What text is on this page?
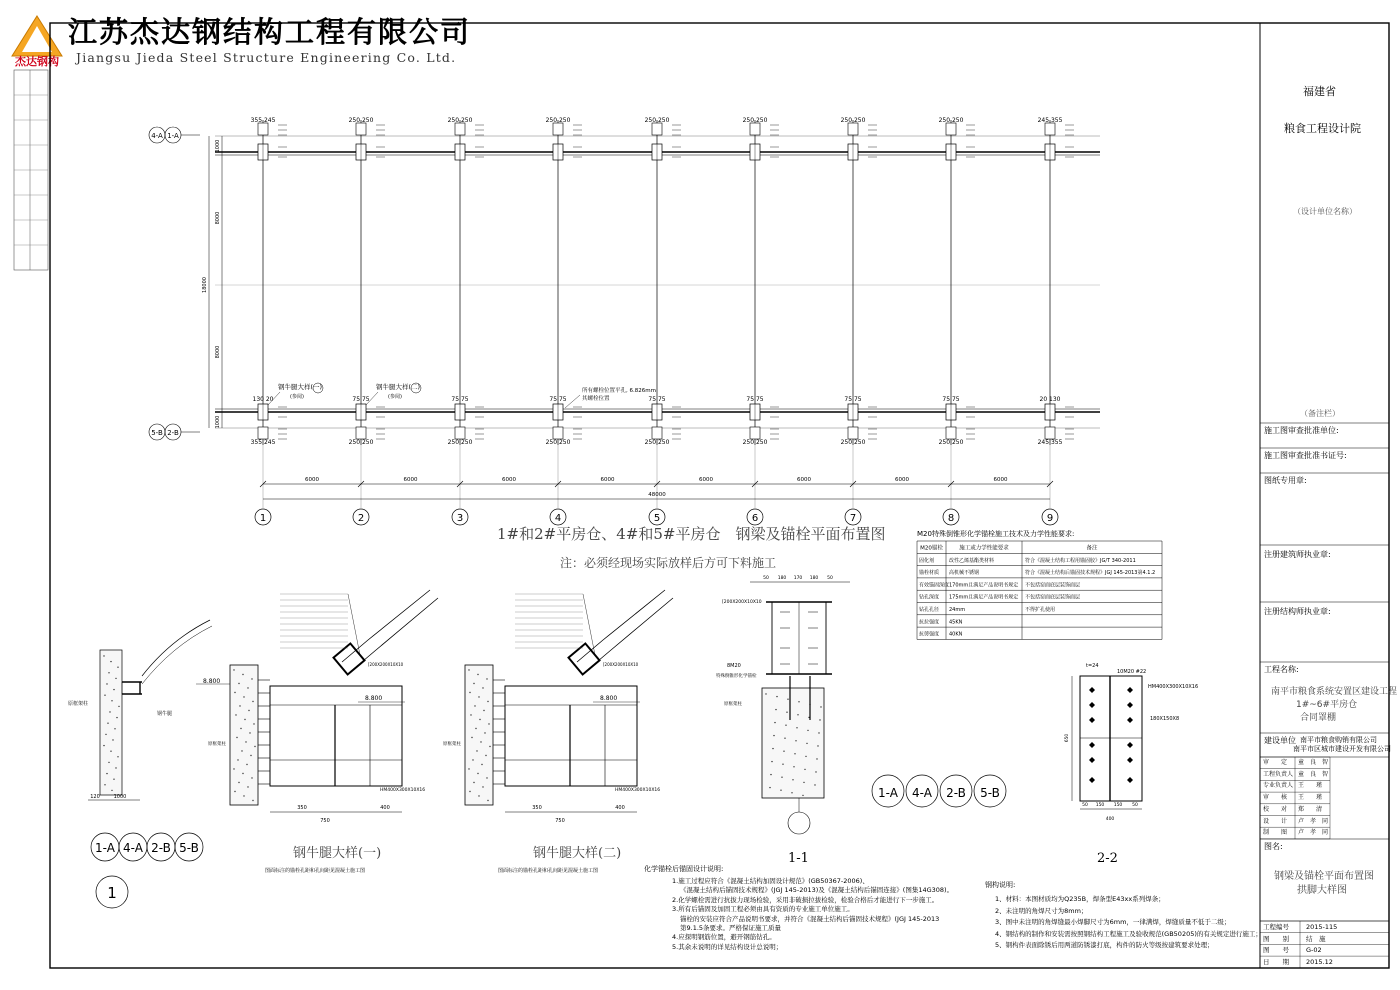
杰达钢构
江苏杰达钢结构工程有限公司
Jiangsu Jieda Steel Structure Engineering Co. Ltd.
1
355 245
130 20
355 245
2
250 250
75 75
250 250
3
250 250
75 75
250 250
4
250 250
75 75
250 250
5
250 250
75 75
250 250
6
250 250
75 75
250 250
7
250 250
75 75
250 250
8
250 250
75 75
250 250
9
245 355
20 130
245 355
6000	6000	6000	6000	6000	6000	6000	6000
48000
1000
8000
18000
8000
1000
4-A 1-A
5-B 2-B
钢牛腿大样(一)
(参阅)
钢牛腿大样(二)
(参阅)
所有螺栓位置平孔, 6.826mm
其螺栓位置
M20特殊倒锥形化学锚栓施工技术及力学性能要求:
M20锚栓	施工或力学性能要求	备注
固化剂	改性乙烯基酯类材料	符合《混凝土结构工程用锚固胶》JG/T 340-2011
锚栓材质 高机械不锈钢	符合《混凝土结构后锚固技术规程》JGJ 145-2013第4.1.2
有效锚固深度 170mm且满足产品说明书规定 不包括窑面底层装饰面层
钻孔深度 175mm且满足产品说明书规定 不包括窑面底层装饰面层
钻孔孔径 24mm	不得扩孔使用
抗拉强度 45KN
抗剪强度 40KN
8.800
原框架柱
钢牛腿
120	1000
1-A 4-A 2-B 5-B
1
8.800
HM400X300X10X16
[200X200X10X10
350
750
400
原框架柱
8.800
HM400X300X10X16
[200X200X10X10
350
750
400
原框架柱
50 180 170 180 50
[200X200X10X10
8M20
特殊倒锥形化学锚栓
原框架柱
1-A 4-A 2-B 5-B
650
50 150 150 50
400
t=24
10M20 #22
HM400X300X10X16
180X150X8
福建省
粮食工程设计院
（设计单位名称）
（备注栏）
施工图审查批准单位:
施工图审查批准书证号:
图纸专用章:
注册建筑师执业章:
注册结构师执业章:
工程名称:
南平市粮食系统安置区建设工程
1#~6#平房仓
合同罩棚
建设单位 南平市粮食购销有限公司
南平市区城市建设开发有限公司
审　　定 童　良　智
工程负责人 童　良　智
专业负责人 王　　瑾
审　　核 王　　瑾
校　　对 郑　　清
设　　计 卢　孝　同
制　　图 卢　孝　同
图名:
钢梁及锚栓平面布置图
拱脚大样图
工程编号	2015-115
图　　别	结　施
图　　号	G-02
日　　期	2015.12
1#和2#平房仓、4#和5#平房仓　钢梁及锚栓平面布置图
注：必须经现场实际放样后方可下料施工
化学锚栓后锚固设计说明:
1.施工过程应符合《混凝土结构加固设计规范》(GB50367-2006)、
《混凝土结构后锚固技术规程》(JGJ 145-2013)及《混凝土结构后锚固连接》(图集14G308)。
2.化学螺栓需进行抗拔力现场检验，采用非破损拉拔检验，检验合格后才能进行下一步施工。
3.所有后锚固及加固工程必须由具有资质的专业施工单位施工。
锚栓的安装应符合产品说明书要求，并符合《混凝土结构后锚固技术规程》(JGJ 145-2013
第9.1.5条要求。严格保证施工质量
4.应探明钢筋位置，避开钢筋钻孔。
5.其余未说明的详见结构设计总说明；
钢构说明:
1、材料：本图材质均为Q235B，焊条型E43xx系列焊条；
2、未注明的角焊尺寸为8mm；
3、图中未注明的角焊缝最小焊脚尺寸为6mm，一律满焊，焊缝质量不低于二级；
4、钢结构的制作和安装需按照钢结构工程施工及验收规范(GB50205)的有关规定进行施工；
5、钢构件表面除锈后用两道防锈漆打底，构件的防火等级按建筑要求处理；
钢牛腿大样(一)	钢牛腿大样(二)
图面标注的锚栓孔距和孔间距见混凝土施工图	图面标注的锚栓孔距和孔间距见混凝土施工图
1-1	2-2
